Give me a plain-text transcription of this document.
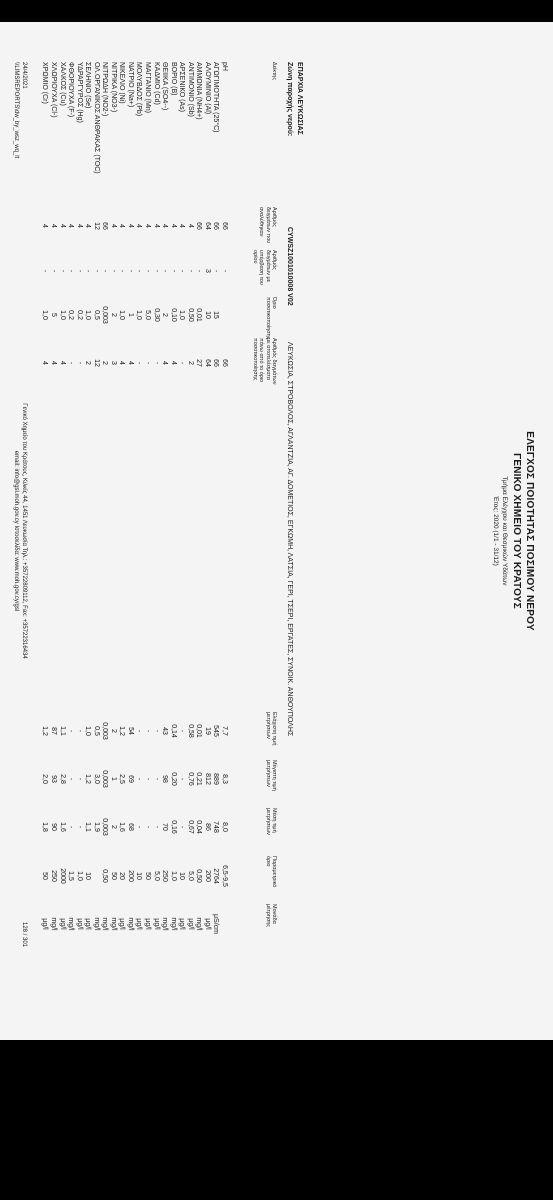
ΕΛΕΓΧΟΣ ΠΟΙΟΤΗΤΑΣ ΠΟΣΙΜΟΥ ΝΕΡΟΥ
ΓΕΝΙΚΟ ΧΗΜΕΙΟ ΤΟΥ ΚΡΑΤΟΥΣ
Τμήμα Ελέγχου και Θεσμικών Υδάτων
Έτος: 2020 (1/1 - 31/12)
ΕΠΑΡΧΙΑ ΛΕΥΚΩΣΙΑΣ
Ζώνη παροχής νερού:
CYWSZ1001010008 V02
ΛΕΥΚΩΣΙΑ, ΣΤΡΟΒΟΛΟΣ, ΑΓΛΑΝΤΖΙΑ, ΑΓ. ΔΟΜΕΤΙΟΣ, ΕΓΚΩΜΗ, ΛΑΤΣΙΑ, ΓΕΡΙ, ΤΣΕΡΙ, ΕΡΓΑΤΕΣ, ΣΥΝΟΙΚ. ΑΝΘΟΥΠΟΛΗΣ
Δείκτης
Αριθμός δειγμάτων που αναλύθηκαν
Αριθμός δειγμάτων με υπέρβαση του ορίου
Όριο ποσοτικοποίησης
Αριθμός δειγμάτων με αποτελέσματα πάνω από το όριο ποσοτικοποίησης
Ελάχιστη τιμή μετρήσεων
Μέγιστη τιμή μετρήσεων
Μέση τιμή μετρήσεων
Παραμετρικό όριο
Μονάδα μέτρησης
pH
66
-
66
7,7
8,3
8,0
6,5-9,5
ΑΓΩΓΙΜΟΤΗΤΑ (25°C)
66
-
15
66
545
889
748
2764
μS/cm
ΑΛΟΥΜΙΝΙΟ (Al)
64
3
10
64
19
812
86
200
μg/l
ΑΜΜΩΝΙΑ (NH4+)
66
-
0,01
27
0,01
0,21
0,04
0,50
mg/l
ΑΝΤΙΜΟΝΙΟ (Sb)
4
-
0,50
2
0,58
0,76
0,67
5,0
μg/l
ΑΡΣΕΝΙΚΟ (As)
4
-
1,0
-
-
-
-
10
μg/l
ΒΟΡΙΟ (B)
4
-
0,10
4
0,14
0,20
0,16
1,0
mg/l
ΘΕΙΙΚΑ (SO4--)
4
-
2
4
43
98
70
250
mg/l
ΚΑΔΜΙΟ (Cd)
4
-
0,30
-
-
-
-
5,0
μg/l
ΜΑΓΓΑΝΙΟ (Mn)
4
-
5,0
-
-
-
-
50
μg/l
ΜΟΛΥΒΔΟΣ (Pb)
4
-
1,0
-
-
-
-
10
μg/l
ΝΑΤΡΙΟ (Na+)
4
-
1
4
54
69
68
200
mg/l
ΝΙΚΕΛΙΟ (Ni)
4
-
1,0
4
1,2
2,5
1,6
20
μg/l
ΝΙΤΡΙΚΑ (NO3-)
4
-
2
3
2
1
2
50
mg/l
ΝΙΤΡΩΔΗ (NO2-)
66
-
0,003
2
0,003
0,003
0,003
0,50
mg/l
ΟΛ.ΟΡΓΑΝΙΚΟΣ ΑΝΘΡΑΚΑΣ (TOC)
12
-
0,5
12
0,5
3,0
1,9
mg/l
ΣΕΛΗΝΙΟ (Se)
4
-
1,0
2
1,0
1,2
1,1
10
μg/l
ΥΔΡΑΡΓΥΡΟΣ (Hg)
4
-
0,2
-
-
-
-
1,0
μg/l
ΦΘΟΡΙΟΥΧΑ (F-)
4
-
0,2
-
-
-
-
1,5
mg/l
ΧΑΛΚΟΣ (Cu)
4
-
1,0
4
1,1
2,8
1,6
2000
μg/l
ΧΛΩΡΙΟΥΧΑ (Cl-)
4
-
5
4
87
93
90
250
mg/l
ΧΡΩΜΙΟ (Cr)
4
-
1,0
4
1,2
2,0
1,8
50
μg/l
24/4/2021
\\LIMSREPORTS\dw_by_wsz_wq_lt
Γενικό Χημείο του Κράτους, Κιλκίς 44, 1451 Λευκωσία Τηλ.: +35722809112, Fax: +35722316434
email: info@gsl.moh.gov.cy Ιστοσελίδα: www.moh.gov.cy/gsl
128 / 301
